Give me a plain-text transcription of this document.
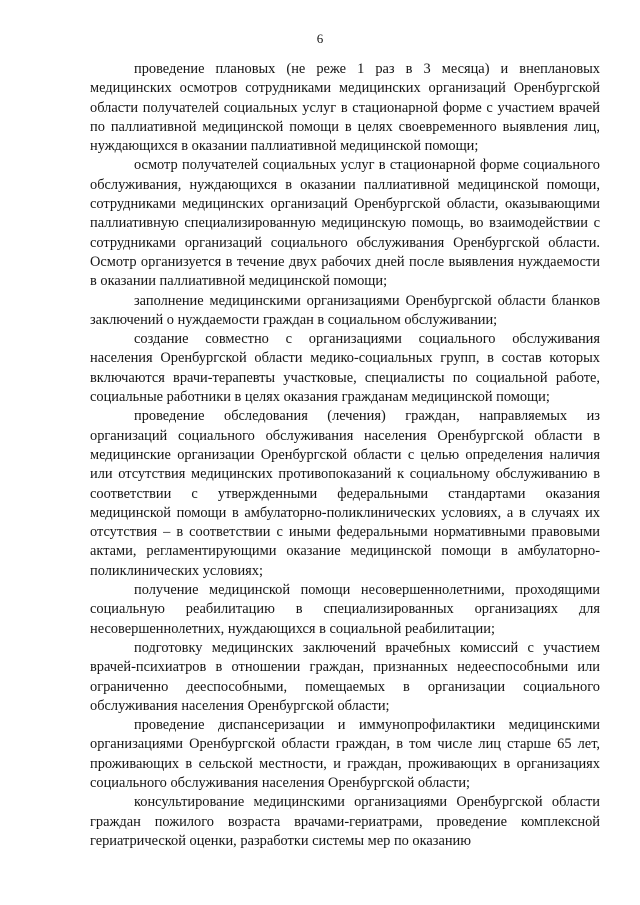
6

проведение плановых (не реже 1 раз в 3 месяца) и внеплановых медицинских осмотров сотрудниками медицинских организаций Оренбургской области получателей социальных услуг в стационарной форме с участием врачей по паллиативной медицинской помощи в целях своевременного выявления лиц, нуждающихся в оказании паллиативной медицинской помощи;

осмотр получателей социальных услуг в стационарной форме социального обслуживания, нуждающихся в оказании паллиативной медицинской помощи, сотрудниками медицинских организаций Оренбургской области, оказывающими паллиативную специализированную медицинскую помощь, во взаимодействии с сотрудниками организаций социального обслуживания Оренбургской области. Осмотр организуется в течение двух рабочих дней после выявления нуждаемости в оказании паллиативной медицинской помощи;

заполнение медицинскими организациями Оренбургской области бланков заключений о нуждаемости граждан в социальном обслуживании;

создание совместно с организациями социального обслуживания населения Оренбургской области медико-социальных групп, в состав которых включаются врачи-терапевты участковые, специалисты по социальной работе, социальные работники в целях оказания гражданам медицинской помощи;

проведение обследования (лечения) граждан, направляемых из организаций социального обслуживания населения Оренбургской области в медицинские организации Оренбургской области с целью определения наличия или отсутствия медицинских противопоказаний к социальному обслуживанию в соответствии с утвержденными федеральными стандартами оказания медицинской помощи в амбулаторно-поликлинических условиях, а в случаях их отсутствия – в соответствии с иными федеральными нормативными правовыми актами, регламентирующими оказание медицинской помощи в амбулаторно-поликлинических условиях;

получение медицинской помощи несовершеннолетними, проходящими социальную реабилитацию в специализированных организациях для несовершеннолетних, нуждающихся в социальной реабилитации;

подготовку медицинских заключений врачебных комиссий с участием врачей-психиатров в отношении граждан, признанных недееспособными или ограниченно дееспособными, помещаемых в организации социального обслуживания населения Оренбургской области;

проведение диспансеризации и иммунопрофилактики медицинскими организациями Оренбургской области граждан, в том числе лиц старше 65 лет, проживающих в сельской местности, и граждан, проживающих в организациях социального обслуживания населения Оренбургской области;

консультирование медицинскими организациями Оренбургской области граждан пожилого возраста врачами-гериатрами, проведение комплексной гериатрической оценки, разработки системы мер по оказанию
